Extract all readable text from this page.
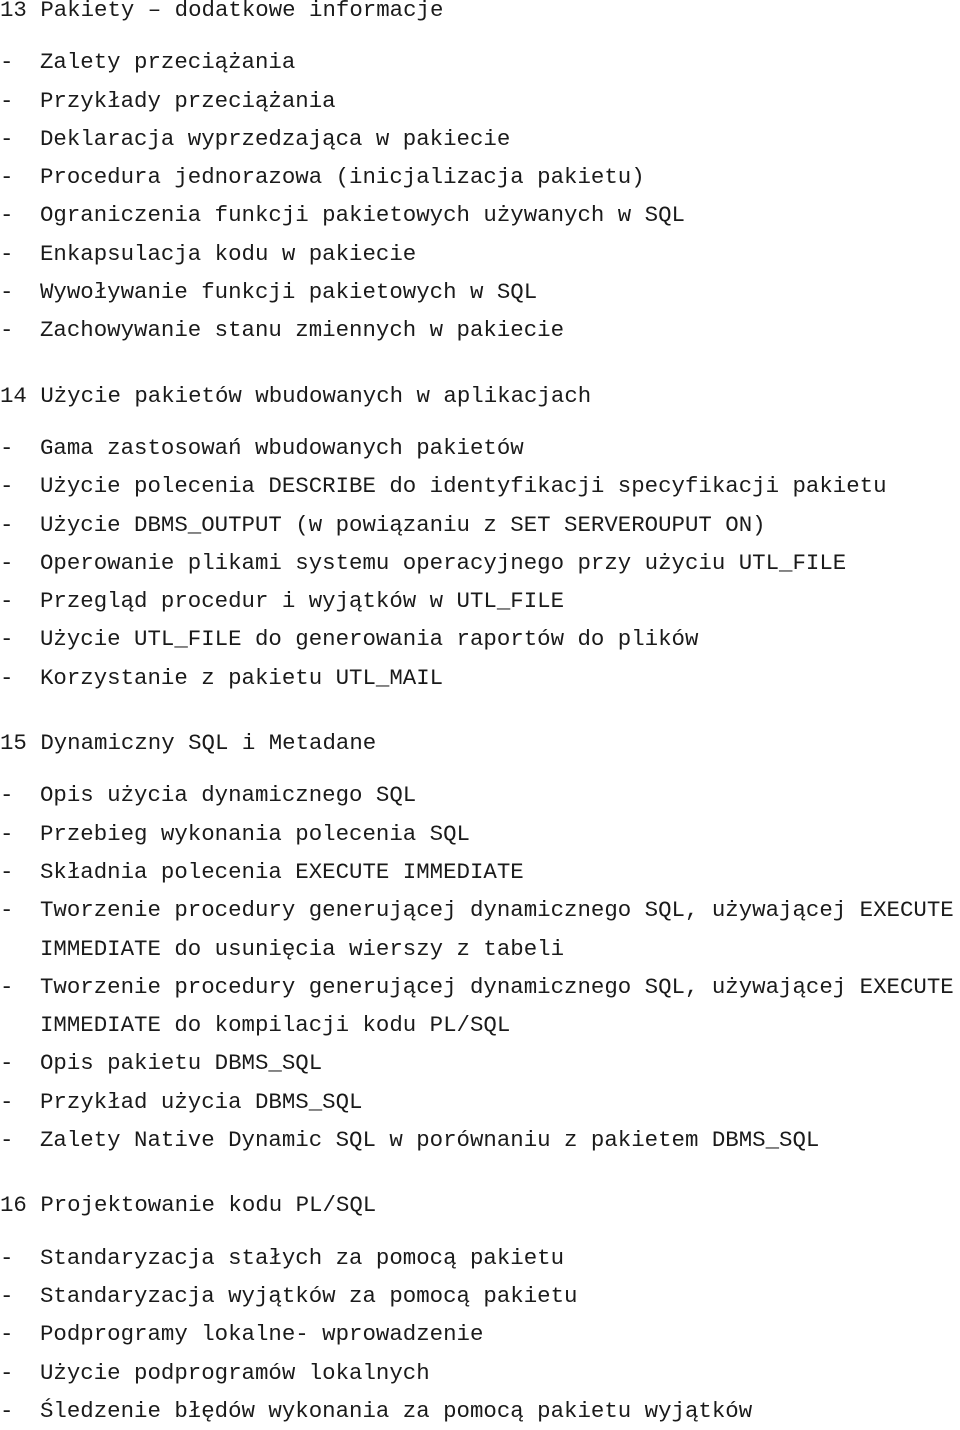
13 Pakiety – dodatkowe informacje
- Zalety przeciążania
- Przykłady przeciążania
- Deklaracja wyprzedzająca w pakiecie
- Procedura jednorazowa (inicjalizacja pakietu)
- Ograniczenia funkcji pakietowych używanych w SQL
- Enkapsulacja kodu w pakiecie
- Wywoływanie funkcji pakietowych w SQL
- Zachowywanie stanu zmiennych w pakiecie
14 Użycie pakietów wbudowanych w aplikacjach
- Gama zastosowań wbudowanych pakietów
- Użycie polecenia DESCRIBE do identyfikacji specyfikacji pakietu
- Użycie DBMS_OUTPUT (w powiązaniu z SET SERVEROUPUT ON)
- Operowanie plikami systemu operacyjnego przy użyciu UTL_FILE
- Przegląd procedur i wyjątków w UTL_FILE
- Użycie UTL_FILE do generowania raportów do plików
- Korzystanie z pakietu UTL_MAIL
15 Dynamiczny SQL i Metadane
- Opis użycia dynamicznego SQL
- Przebieg wykonania polecenia SQL
- Składnia polecenia EXECUTE IMMEDIATE
- Tworzenie procedury generującej dynamicznego SQL, używającej EXECUTE IMMEDIATE do usunięcia wierszy z tabeli
- Tworzenie procedury generującej dynamicznego SQL, używającej EXECUTE IMMEDIATE do kompilacji kodu PL/SQL
- Opis pakietu DBMS_SQL
- Przykład użycia DBMS_SQL
- Zalety Native Dynamic SQL w porównaniu z pakietem DBMS_SQL
16 Projektowanie kodu PL/SQL
- Standaryzacja stałych za pomocą pakietu
- Standaryzacja wyjątków za pomocą pakietu
- Podprogramy lokalne- wprowadzenie
- Użycie podprogramów lokalnych
- Śledzenie błędów wykonania za pomocą pakietu wyjątków
